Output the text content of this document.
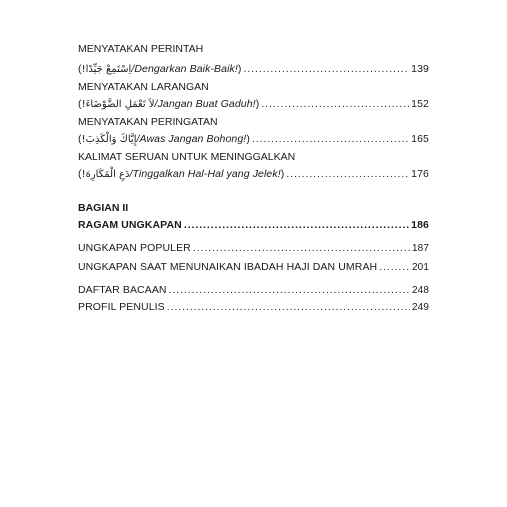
MENYATAKAN PERINTAH
( اِسْتَمِعْ جَيِّدًا! / Dengarkan Baik-Baik! ) . . .	139
MENYATAKAN LARANGAN
( لاَ تَعْمَلِ الضَّوْضَاءَ! / Jangan Buat Gaduh! ) . . .	152
MENYATAKAN PERINGATAN
( إِيَّاكَ وَالْكَذِبَ! / Awas Jangan Bohong! ) . . .	165
KALIMAT SERUAN UNTUK MENINGGALKAN
( دَعِ الْمَكَارِهَ! / Tinggalkan Hal-Hal yang Jelek! ) . . .	176
BAGIAN II
RAGAM UNGKAPAN . . .	186
UNGKAPAN POPULER . . .	187
UNGKAPAN SAAT MENUNAIKAN IBADAH HAJI DAN UMRAH . . .	201
DAFTAR BACAAN . . .	248
PROFIL PENULIS . . .	249
